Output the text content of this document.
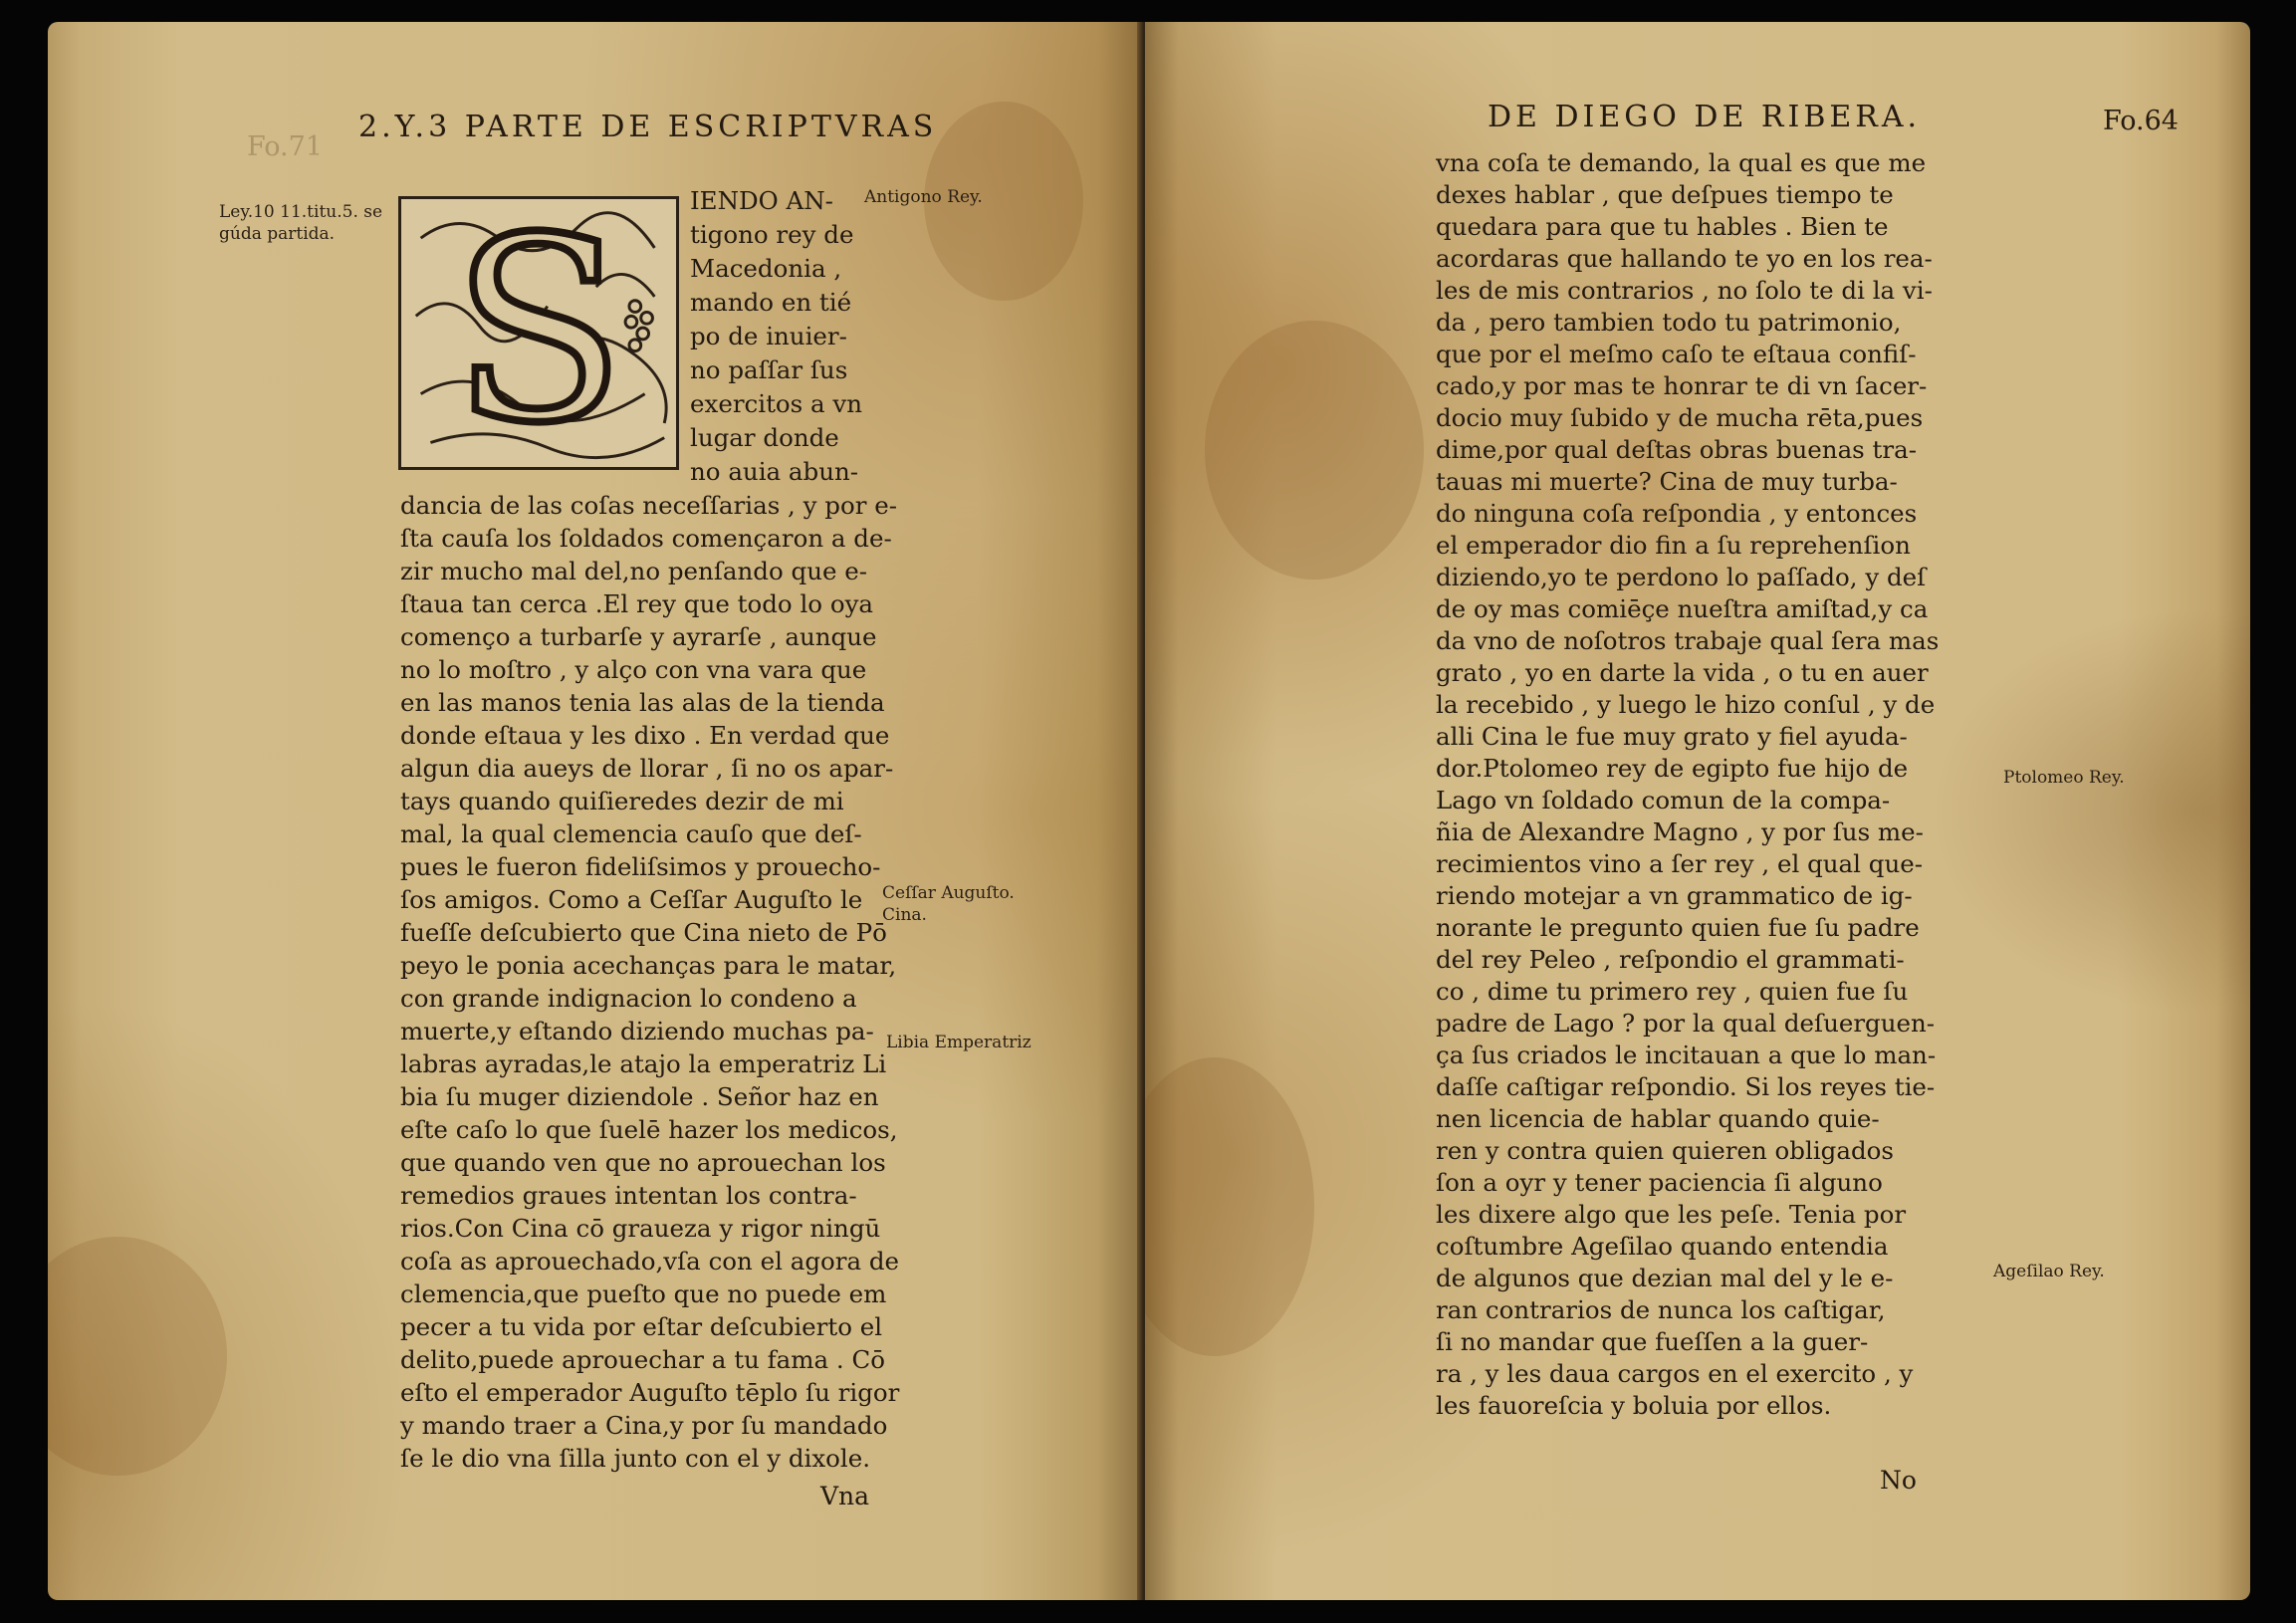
2.Y.3 PARTE DE ESCRIPTVRAS
Fo.71
Ley.10 11.titu.5. se
gúda partida. S	IENDO AN-
tigono rey de
Macedonia ,
mando en tié
po de inuier-
no paſſar ſus
exercitos a vn
lugar donde
no auia abun-
dancia de las coſas neceſſarias , y por e-
ſta cauſa los ſoldados començaron a de-
zir mucho mal del,no penſando que e-
ſtaua tan cerca .El rey que todo lo oya
començo a turbarſe y ayrarſe , aunque
no lo moſtro , y alço con vna vara que
en las manos tenia las alas de la tienda
donde eſtaua y les dixo . En verdad que
algun dia aueys de llorar , ſi no os apar-
tays quando quiſieredes dezir de mi
mal, la qual clemencia cauſo que deſ-
pues le fueron fideliſsimos y prouecho-
ſos amigos. Como a Ceſſar Auguſto le
fueſſe deſcubierto que Cina nieto de Pō
peyo le ponia acechanças para le matar,
con grande indignacion lo condeno a
muerte,y eſtando diziendo muchas pa-
labras ayradas,le atajo la emperatriz Li
bia ſu muger diziendole . Señor haz en
eſte caſo lo que ſuelē hazer los medicos,
que quando ven que no aprouechan los
remedios graues intentan los contra-
rios.Con Cina cō graueza y rigor ningū
coſa as aprouechado,vſa con el agora de
clemencia,que pueſto que no puede em
pecer a tu vida por eſtar deſcubierto el
delito,puede aprouechar a tu fama . Cō
eſto el emperador Auguſto tēplo ſu rigor
y mando traer a Cina,y por ſu mandado
ſe le dio vna ſilla junto con el y dixole.
Vna
Antigono Rey.
Ceſſar Auguſto.
Cina.
Libia Emperatriz
DE DIEGO DE RIBERA.	Fo.64
vna coſa te demando, la qual es que me
dexes hablar , que deſpues tiempo te
quedara para que tu hables . Bien te
acordaras que hallando te yo en los rea-
les de mis contrarios , no ſolo te di la vi-
da , pero tambien todo tu patrimonio,
que por el meſmo caſo te eſtaua confiſ-
cado,y por mas te honrar te di vn ſacer-
docio muy ſubido y de mucha rēta,pues
dime,por qual deſtas obras buenas tra-
tauas mi muerte? Cina de muy turba-
do ninguna coſa reſpondia , y entonces
el emperador dio fin a ſu reprehenſion
diziendo,yo te perdono lo paſſado, y deſ
de oy mas comiēçe nueſtra amiſtad,y ca
da vno de noſotros trabaje qual ſera mas
grato , yo en darte la vida , o tu en auer
la recebido , y luego le hizo conſul , y de
alli Cina le fue muy grato y fiel ayuda-
dor.Ptolomeo rey de egipto fue hijo de
Lago vn ſoldado comun de la compa-
ñia de Alexandre Magno , y por ſus me-
recimientos vino a ſer rey , el qual que-
riendo motejar a vn grammatico de ig-
norante le pregunto quien fue ſu padre
del rey Peleo , reſpondio el grammati-
co , dime tu primero rey , quien fue ſu
padre de Lago ? por la qual deſuerguen-
ça ſus criados le incitauan a que lo man-
daſſe caſtigar reſpondio. Si los reyes tie-
nen licencia de hablar quando quie-
ren y contra quien quieren obligados
ſon a oyr y tener paciencia ſi alguno
les dixere algo que les peſe. Tenia por
coſtumbre Ageſilao quando entendia
de algunos que dezian mal del y le e-
ran contrarios de nunca los caſtigar,
ſi no mandar que fueſſen a la guer-
ra , y les daua cargos en el exercito , y
les fauoreſcia y boluia por ellos.
No
Ptolomeo Rey.
Ageſilao Rey.
